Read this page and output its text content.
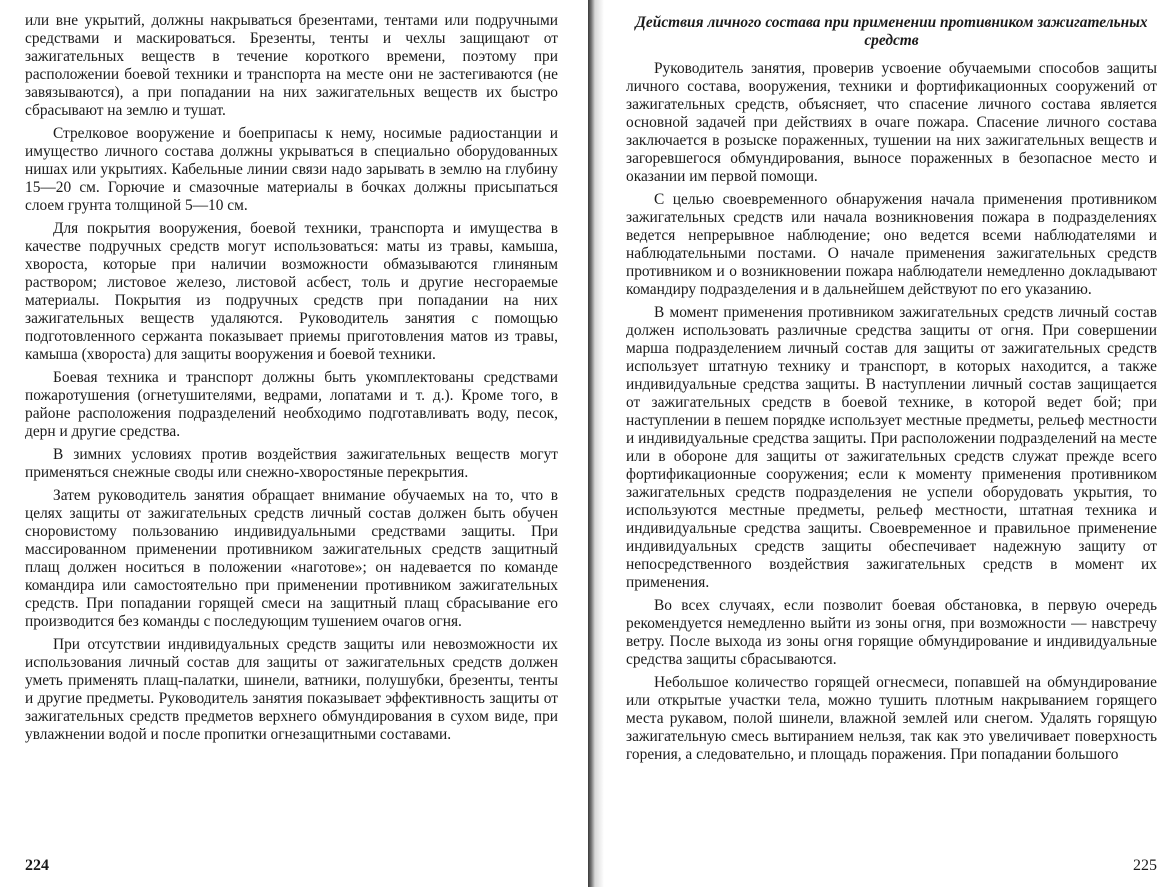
или вне укрытий, должны накрываться брезентами, тентами или подручными средствами и маскироваться. Брезенты, тенты и чехлы защищают от зажигательных веществ в течение короткого времени, поэтому при расположении боевой техники и транспорта на месте они не застегиваются (не завязываются), а при попадании на них зажигательных веществ их быстро сбрасывают на землю и тушат.

Стрелковое вооружение и боеприпасы к нему, носимые радиостанции и имущество личного состава должны укрываться в специально оборудованных нишах или укрытиях. Кабельные линии связи надо зарывать в землю на глубину 15—20 см. Горючие и смазочные материалы в бочках должны присыпаться слоем грунта толщиной 5—10 см.

Для покрытия вооружения, боевой техники, транспорта и имущества в качестве подручных средств могут использоваться: маты из травы, камыша, хвороста, которые при наличии возможности обмазываются глиняным раствором; листовое железо, листовой асбест, толь и другие несгораемые материалы. Покрытия из подручных средств при попадании на них зажигательных веществ удаляются. Руководитель занятия с помощью подготовленного сержанта показывает приемы приготовления матов из травы, камыша (хвороста) для защиты вооружения и боевой техники.

Боевая техника и транспорт должны быть укомплектованы средствами пожаротушения (огнетушителями, ведрами, лопатами и т. д.). Кроме того, в районе расположения подразделений необходимо подготавливать воду, песок, дерн и другие средства.

В зимних условиях против воздействия зажигательных веществ могут применяться снежные своды или снежно-хворостяные перекрытия.

Затем руководитель занятия обращает внимание обучаемых на то, что в целях защиты от зажигательных средств личный состав должен быть обучен сноровистому пользованию индивидуальными средствами защиты. При массированном применении противником зажигательных средств защитный плащ должен носиться в положении «наготове»; он надевается по команде командира или самостоятельно при применении противником зажигательных средств. При попадании горящей смеси на защитный плащ сбрасывание его производится без команды с последующим тушением очагов огня.

При отсутствии индивидуальных средств защиты или невозможности их использования личный состав для защиты от зажигательных средств должен уметь применять плащ-палатки, шинели, ватники, полушубки, брезенты, тенты и другие предметы. Руководитель занятия показывает эффективность защиты от зажигательных средств предметов верхнего обмундирования в сухом виде, при увлажнении водой и после пропитки огнезащитными составами.

224
Действия личного состава при применении противником зажигательных средств

Руководитель занятия, проверив усвоение обучаемыми способов защиты личного состава, вооружения, техники и фортификационных сооружений от зажигательных средств, объясняет, что спасение личного состава является основной задачей при действиях в очаге пожара. Спасение личного состава заключается в розыске пораженных, тушении на них зажигательных веществ и загоревшегося обмундирования, выносе пораженных в безопасное место и оказании им первой помощи.

С целью своевременного обнаружения начала применения противником зажигательных средств или начала возникновения пожара в подразделениях ведется непрерывное наблюдение; оно ведется всеми наблюдателями и наблюдательными постами. О начале применения зажигательных средств противником и о возникновении пожара наблюдатели немедленно докладывают командиру подразделения и в дальнейшем действуют по его указанию.

В момент применения противником зажигательных средств личный состав должен использовать различные средства защиты от огня. При совершении марша подразделением личный состав для защиты от зажигательных средств использует штатную технику и транспорт, в которых находится, а также индивидуальные средства защиты. В наступлении личный состав защищается от зажигательных средств в боевой технике, в которой ведет бой; при наступлении в пешем порядке использует местные предметы, рельеф местности и индивидуальные средства защиты. При расположении подразделений на месте или в обороне для защиты от зажигательных средств служат прежде всего фортификационные сооружения; если к моменту применения противником зажигательных средств подразделения не успели оборудовать укрытия, то используются местные предметы, рельеф местности, штатная техника и индивидуальные средства защиты. Своевременное и правильное применение индивидуальных средств защиты обеспечивает надежную защиту от непосредственного воздействия зажигательных средств в момент их применения.

Во всех случаях, если позволит боевая обстановка, в первую очередь рекомендуется немедленно выйти из зоны огня, при возможности — навстречу ветру. После выхода из зоны огня горящие обмундирование и индивидуальные средства защиты сбрасываются.

Небольшое количество горящей огнесмеси, попавшей на обмундирование или открытые участки тела, можно тушить плотным накрыванием горящего места рукавом, полой шинели, влажной землей или снегом. Удалять горящую зажигательную смесь вытиранием нельзя, так как это увеличивает поверхность горения, а следовательно, и площадь поражения. При попадании большого

225
